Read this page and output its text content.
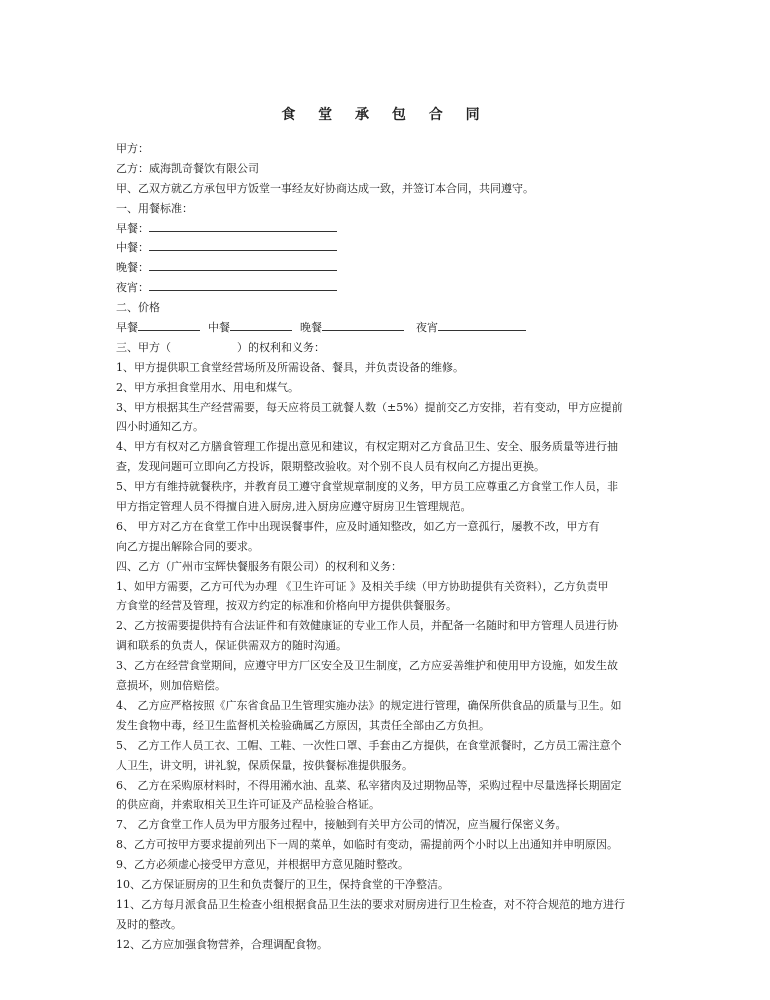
食 堂 承 包 合 同
甲方：
乙方：威海凯奇餐饮有限公司
甲、乙双方就乙方承包甲方饭堂一事经友好协商达成一致，并签订本合同，共同遵守。
一、用餐标准：
早餐：
中餐：
晚餐：
夜宵：
二、价格
早餐	中餐	晚餐	夜宵
三、甲方（	）的权利和义务：
1、甲方提供职工食堂经营场所及所需设备、餐具，并负责设备的维修。
2、甲方承担食堂用水、用电和煤气。
3、甲方根据其生产经营需要，每天应将员工就餐人数（±5%）提前交乙方安排，若有变动，甲方应提前
四小时通知乙方。
4、甲方有权对乙方膳食管理工作提出意见和建议，有权定期对乙方食品卫生、安全、服务质量等进行抽
查，发现问题可立即向乙方投诉，限期整改验收。对个别不良人员有权向乙方提出更换。
5、甲方有维持就餐秩序，并教育员工遵守食堂规章制度的义务，甲方员工应尊重乙方食堂工作人员，非
甲方指定管理人员不得擅自进入厨房,进入厨房应遵守厨房卫生管理规范。
6、 甲方对乙方在食堂工作中出现误餐事件，应及时通知整改，如乙方一意孤行，屡教不改，甲方有
向乙方提出解除合同的要求。
四、乙方（广州市宝辉快餐服务有限公司）的权利和义务：
1、如甲方需要，乙方可代为办理 《卫生许可证 》及相关手续（甲方协助提供有关资料），乙方负责甲
方食堂的经营及管理，按双方约定的标准和价格向甲方提供供餐服务。
2、乙方按需要提供持有合法证件和有效健康证的专业工作人员，并配备一名随时和甲方管理人员进行协
调和联系的负责人，保证供需双方的随时沟通。
3、乙方在经营食堂期间，应遵守甲方厂区安全及卫生制度，乙方应妥善维护和使用甲方设施，如发生故
意损坏，则加倍赔偿。
4、 乙方应严格按照《广东省食品卫生管理实施办法》的规定进行管理，确保所供食品的质量与卫生。如
发生食物中毒，经卫生监督机关检验确属乙方原因，其责任全部由乙方负担。
5、 乙方工作人员工衣、工帽、工鞋、一次性口罩、手套由乙方提供，在食堂派餐时，乙方员工需注意个
人卫生，讲文明，讲礼貌，保质保量，按供餐标准提供服务。
6、 乙方在采购原材料时，不得用潲水油、乱菜、私宰猪肉及过期物品等，采购过程中尽量选择长期固定
的供应商，并索取相关卫生许可证及产品检验合格证。
7、 乙方食堂工作人员为甲方服务过程中，接触到有关甲方公司的情况，应当履行保密义务。
8、乙方可按甲方要求提前列出下一周的菜单，如临时有变动，需提前两个小时以上出通知并申明原因。
9、乙方必须虚心接受甲方意见，并根据甲方意见随时整改。
10、乙方保证厨房的卫生和负责餐厅的卫生，保持食堂的干净整洁。
11、乙方每月派食品卫生检查小组根据食品卫生法的要求对厨房进行卫生检查，对不符合规范的地方进行
及时的整改。
12、乙方应加强食物营养，合理调配食物。
